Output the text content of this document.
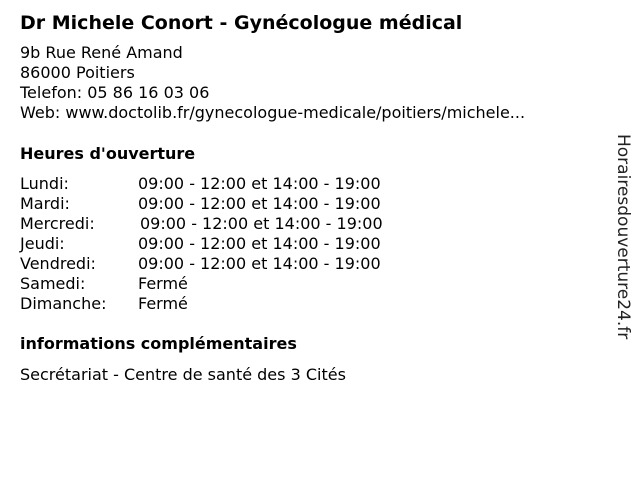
Dr Michele Conort - Gynécologue médical
9b Rue René Amand
86000 Poitiers
Telefon: 05 86 16 03 06
Web: www.doctolib.fr/gynecologue-medicale/poitiers/michele...
Heures d'ouverture
Lundi:	09:00 - 12:00 et 14:00 - 19:00
Mardi:	09:00 - 12:00 et 14:00 - 19:00
Mercredi:	09:00 - 12:00 et 14:00 - 19:00
Jeudi:	09:00 - 12:00 et 14:00 - 19:00
Vendredi:	09:00 - 12:00 et 14:00 - 19:00
Samedi:	Fermé
Dimanche: Fermé
informations complémentaires
Secrétariat - Centre de santé des 3 Cités
Horairesdouverture24.fr
